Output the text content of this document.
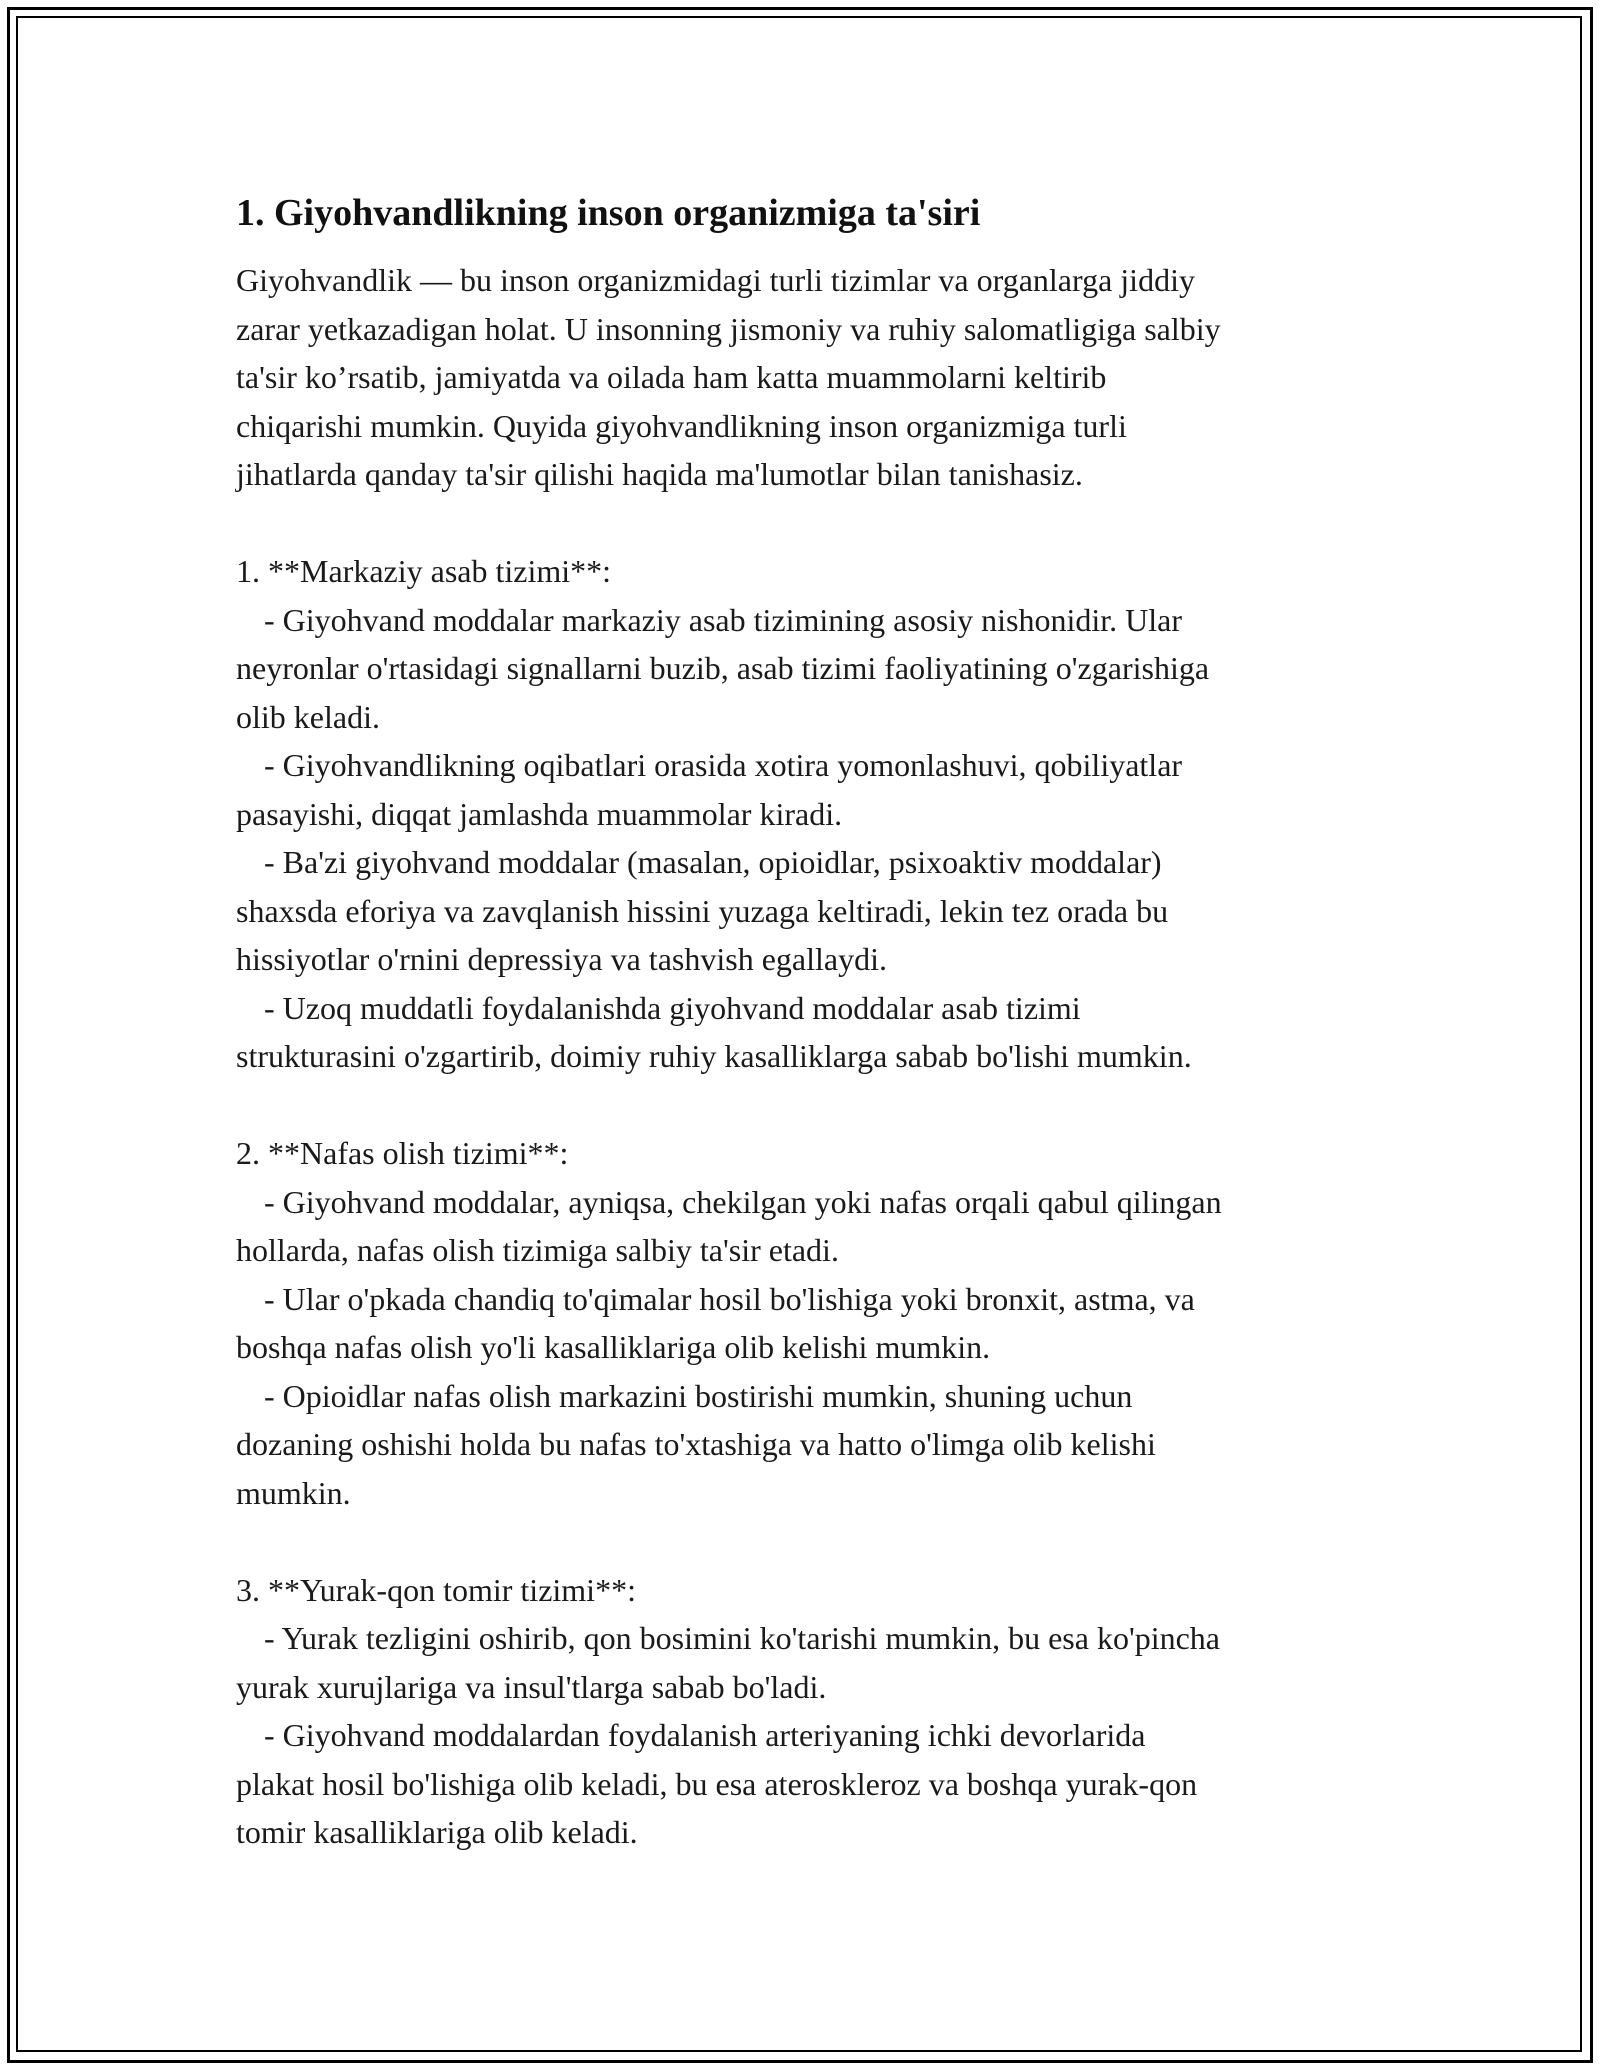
1. Giyohvandlikning inson organizmiga ta'siri

Giyohvandlik — bu inson organizmidagi turli tizimlar va organlarga jiddiy

zarar yetkazadigan holat. U insonning jismoniy va ruhiy salomatligiga salbiy

ta'sir ko’rsatib, jamiyatda va oilada ham katta muammolarni keltirib

chiqarishi mumkin. Quyida giyohvandlikning inson organizmiga turli

jihatlarda qanday ta'sir qilishi haqida ma'lumotlar bilan tanishasiz.

1. **Markaziy asab tizimi**:

- Giyohvand moddalar markaziy asab tizimining asosiy nishonidir. Ular

neyronlar o'rtasidagi signallarni buzib, asab tizimi faoliyatining o'zgarishiga

olib keladi.

- Giyohvandlikning oqibatlari orasida xotira yomonlashuvi, qobiliyatlar

pasayishi, diqqat jamlashda muammolar kiradi.

- Ba'zi giyohvand moddalar (masalan, opioidlar, psixoaktiv moddalar)

shaxsda eforiya va zavqlanish hissini yuzaga keltiradi, lekin tez orada bu

hissiyotlar o'rnini depressiya va tashvish egallaydi.

- Uzoq muddatli foydalanishda giyohvand moddalar asab tizimi

strukturasini o'zgartirib, doimiy ruhiy kasalliklarga sabab bo'lishi mumkin.

2. **Nafas olish tizimi**:

- Giyohvand moddalar, ayniqsa, chekilgan yoki nafas orqali qabul qilingan

hollarda, nafas olish tizimiga salbiy ta'sir etadi.

- Ular o'pkada chandiq to'qimalar hosil bo'lishiga yoki bronxit, astma, va

boshqa nafas olish yo'li kasalliklariga olib kelishi mumkin.

- Opioidlar nafas olish markazini bostirishi mumkin, shuning uchun

dozaning oshishi holda bu nafas to'xtashiga va hatto o'limga olib kelishi

mumkin.

3. **Yurak-qon tomir tizimi**:

- Yurak tezligini oshirib, qon bosimini ko'tarishi mumkin, bu esa ko'pincha

yurak xurujlariga va insul'tlarga sabab bo'ladi.

- Giyohvand moddalardan foydalanish arteriyaning ichki devorlarida

plakat hosil bo'lishiga olib keladi, bu esa ateroskleroz va boshqa yurak-qon

tomir kasalliklariga olib keladi.
